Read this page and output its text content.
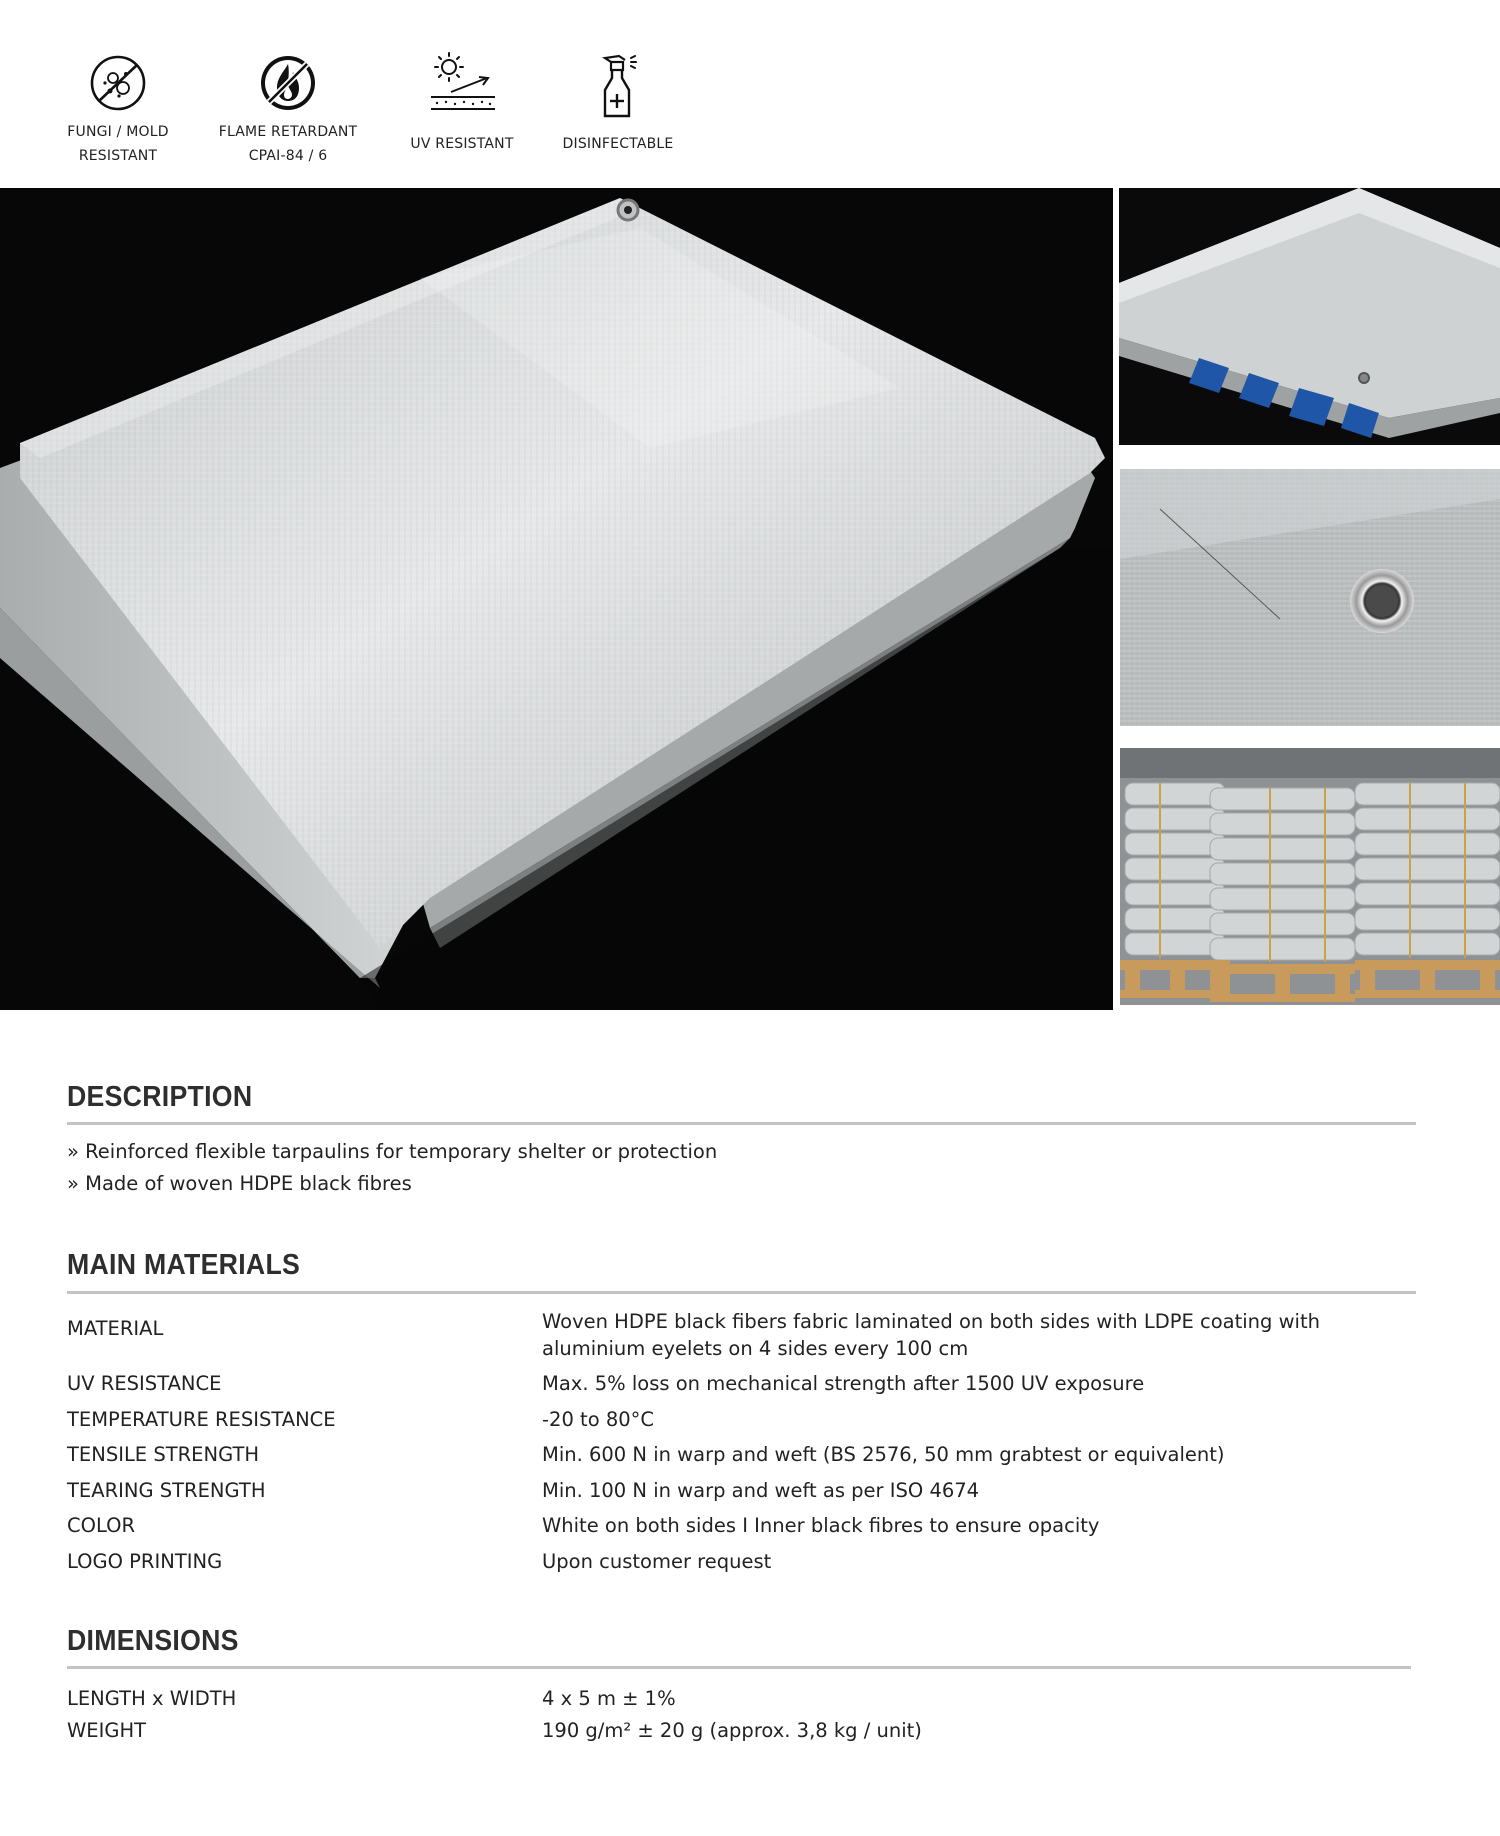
FUNGI / MOLD
RESISTANT
FLAME RETARDANT
CPAI-84 / 6
UV RESISTANT	DISINFECTABLE
DESCRIPTION
» Reinforced flexible tarpaulins for temporary shelter or protection
» Made of woven HDPE black fibres
MAIN MATERIALS
MATERIAL	Woven HDPE black fibers fabric laminated on both sides with LDPE coating with aluminium eyelets on 4 sides every 100 cm
UV RESISTANCE	Max. 5% loss on mechanical strength after 1500 UV exposure
TEMPERATURE RESISTANCE	-20 to 80°C
TENSILE STRENGTH	Min. 600 N in warp and weft (BS 2576, 50 mm grabtest or equivalent)
TEARING STRENGTH	Min. 100 N in warp and weft as per ISO 4674
COLOR	White on both sides I Inner black fibres to ensure opacity
LOGO PRINTING	Upon customer request
DIMENSIONS
LENGTH x WIDTH	4 x 5 m ± 1%
WEIGHT	190 g/m² ± 20 g (approx. 3,8 kg / unit)
